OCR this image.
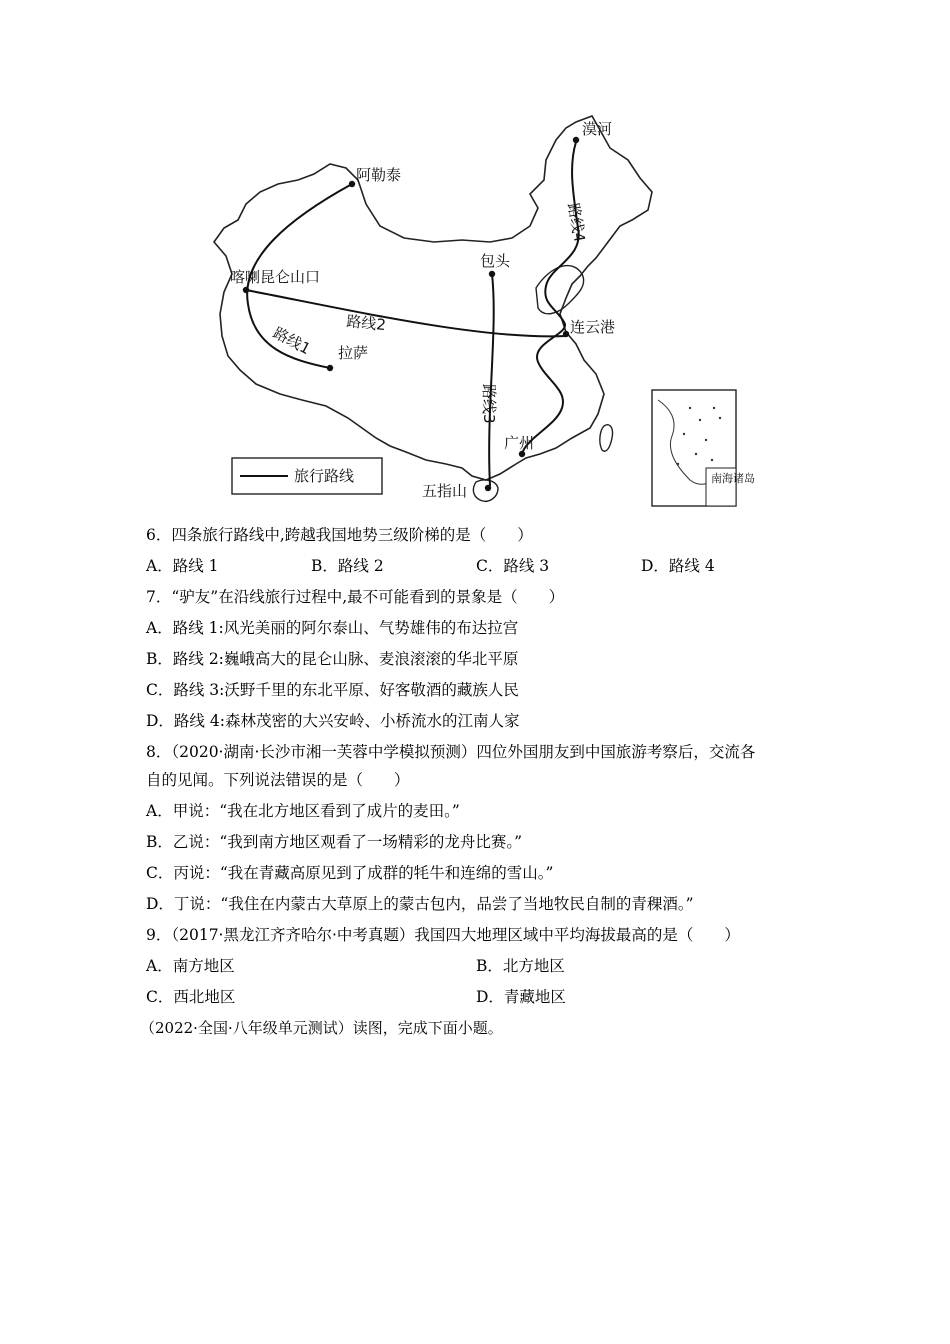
漠河
阿勒泰
包头
喀喇昆仑山口
连云港
拉萨
广州
五指山
路线1
路线2
路线3
路线4
旅行路线	南海诸岛
6．四条旅行路线中,跨越我国地势三级阶梯的是（　　）
A．路线 1	B．路线 2	C．路线 3	D．路线 4
7．“驴友”在沿线旅行过程中,最不可能看到的景象是（　　）
A．路线 1:风光美丽的阿尔泰山、气势雄伟的布达拉宫
B．路线 2:巍峨高大的昆仑山脉、麦浪滚滚的华北平原
C．路线 3:沃野千里的东北平原、好客敬酒的藏族人民
D．路线 4:森林茂密的大兴安岭、小桥流水的江南人家
8．（2020·湖南·长沙市湘一芙蓉中学模拟预测）四位外国朋友到中国旅游考察后，交流各
自的见闻。下列说法错误的是（　　）
A．甲说：“我在北方地区看到了成片的麦田。”
B．乙说：“我到南方地区观看了一场精彩的龙舟比赛。”
C．丙说：“我在青藏高原见到了成群的牦牛和连绵的雪山。”
D．丁说：“我住在内蒙古大草原上的蒙古包内，品尝了当地牧民自制的青稞酒。”
9．（2017·黑龙江齐齐哈尔·中考真题）我国四大地理区域中平均海拔最高的是（　　）
A．南方地区	B．北方地区
C．西北地区	D．青藏地区
（2022·全国·八年级单元测试）读图，完成下面小题。
